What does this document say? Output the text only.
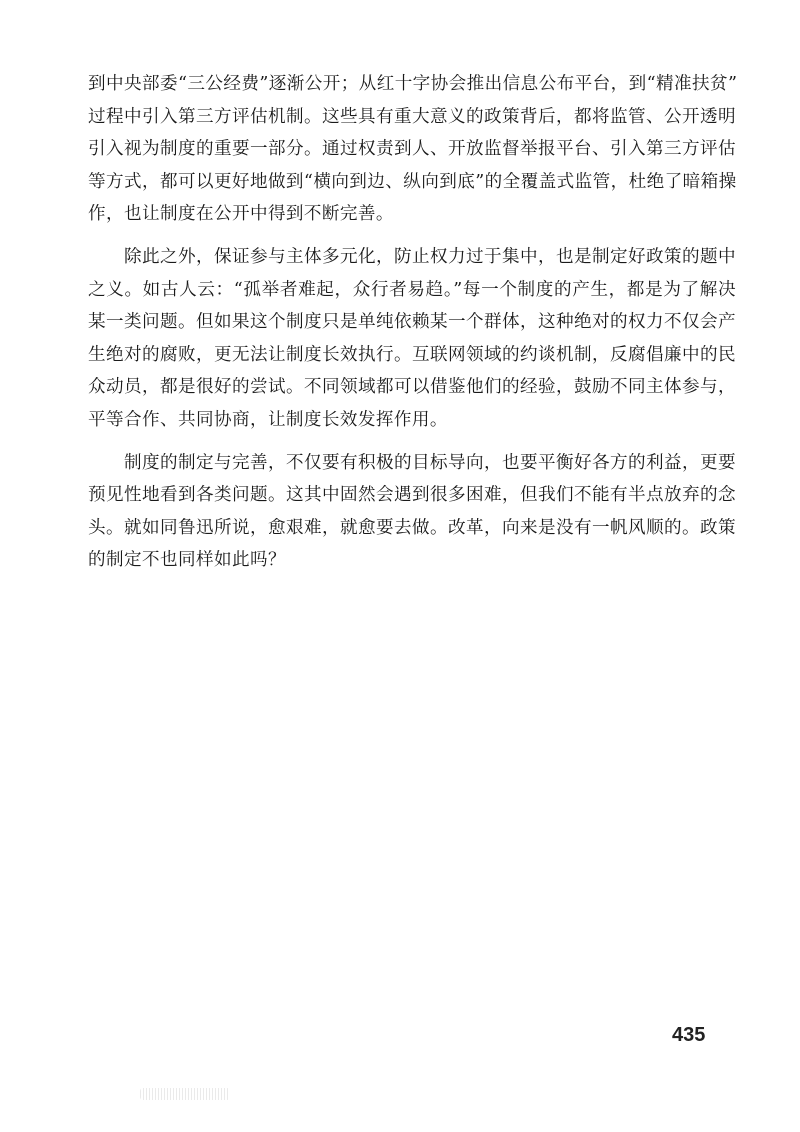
到中央部委“三公经费”逐渐公开；从红十字协会推出信息公布平台，到“精准扶贫”
过程中引入第三方评估机制。这些具有重大意义的政策背后，都将监管、公开透明
引入视为制度的重要一部分。通过权责到人、开放监督举报平台、引入第三方评估
等方式，都可以更好地做到“横向到边、纵向到底”的全覆盖式监管，杜绝了暗箱操
作，也让制度在公开中得到不断完善。
除此之外，保证参与主体多元化，防止权力过于集中，也是制定好政策的题中
之义。如古人云：“孤举者难起，众行者易趋。”每一个制度的产生，都是为了解决
某一类问题。但如果这个制度只是单纯依赖某一个群体，这种绝对的权力不仅会产
生绝对的腐败，更无法让制度长效执行。互联网领域的约谈机制，反腐倡廉中的民
众动员，都是很好的尝试。不同领域都可以借鉴他们的经验，鼓励不同主体参与，
平等合作、共同协商，让制度长效发挥作用。
制度的制定与完善，不仅要有积极的目标导向，也要平衡好各方的利益，更要
预见性地看到各类问题。这其中固然会遇到很多困难，但我们不能有半点放弃的念
头。就如同鲁迅所说，愈艰难，就愈要去做。改革，向来是没有一帆风顺的。政策
的制定不也同样如此吗？
435
